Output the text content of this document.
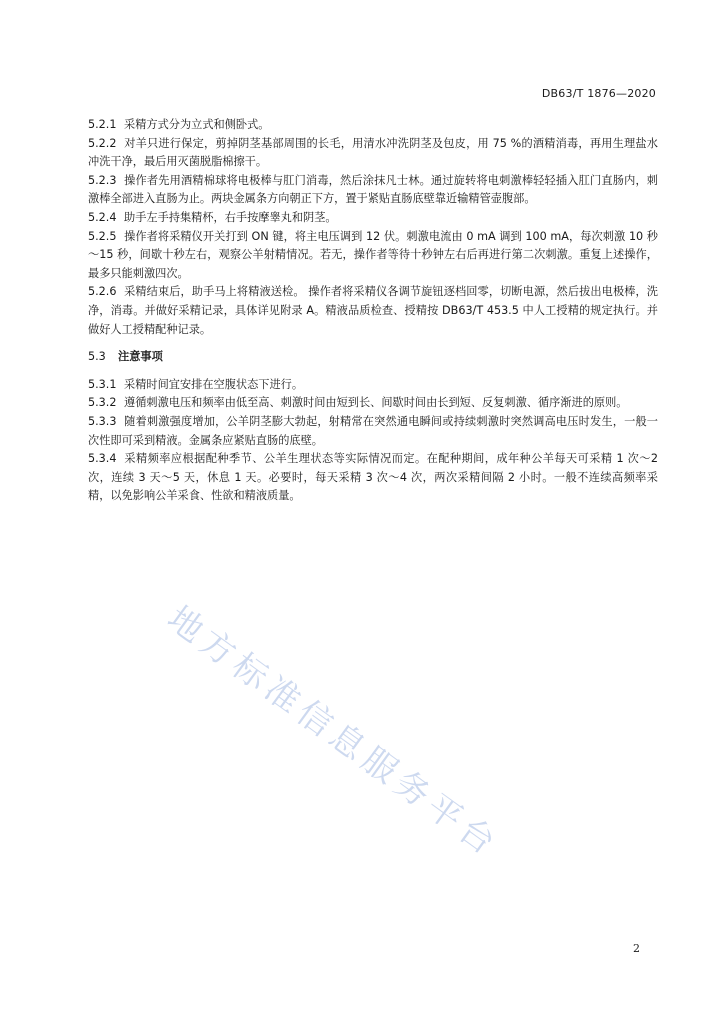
DB63/T 1876—2020

5.2.1 采精方式分为立式和侧卧式。

5.2.2 对羊只进行保定，剪掉阴茎基部周围的长毛，用清水冲洗阴茎及包皮，用 75 %的酒精消毒，再用生理盐水冲洗干净，最后用灭菌脱脂棉擦干。

5.2.3 操作者先用酒精棉球将电极棒与肛门消毒，然后涂抹凡士林。通过旋转将电刺激棒轻轻插入肛门直肠内，刺激棒全部进入直肠为止。两块金属条方向朝正下方，置于紧贴直肠底壁靠近输精管壶腹部。

5.2.4 助手左手持集精杯，右手按摩睾丸和阴茎。

5.2.5 操作者将采精仪开关打到 ON 键，将主电压调到 12 伏。刺激电流由 0 mA 调到 100 mA，每次刺激 10 秒～15 秒，间歇十秒左右，观察公羊射精情况。若无，操作者等待十秒钟左右后再进行第二次刺激。重复上述操作，最多只能刺激四次。

5.2.6 采精结束后，助手马上将精液送检。 操作者将采精仪各调节旋钮逐档回零，切断电源，然后拔出电极棒，洗净，消毒。并做好采精记录，具体详见附录 A。精液品质检查、授精按 DB63/T 453.5 中人工授精的规定执行。并做好人工授精配种记录。

5.3 注意事项

5.3.1 采精时间宜安排在空腹状态下进行。

5.3.2 遵循刺激电压和频率由低至高、刺激时间由短到长、间歇时间由长到短、反复刺激、循序渐进的原则。

5.3.3 随着刺激强度增加，公羊阴茎膨大勃起，射精常在突然通电瞬间或持续刺激时突然调高电压时发生，一般一次性即可采到精液。金属条应紧贴直肠的底壁。

5.3.4 采精频率应根据配种季节、公羊生理状态等实际情况而定。在配种期间，成年种公羊每天可采精 1 次～2 次，连续 3 天～5 天，休息 1 天。必要时，每天采精 3 次～4 次，两次采精间隔 2 小时。一般不连续高频率采精，以免影响公羊采食、性欲和精液质量。

地方标准信息服务平台
2
